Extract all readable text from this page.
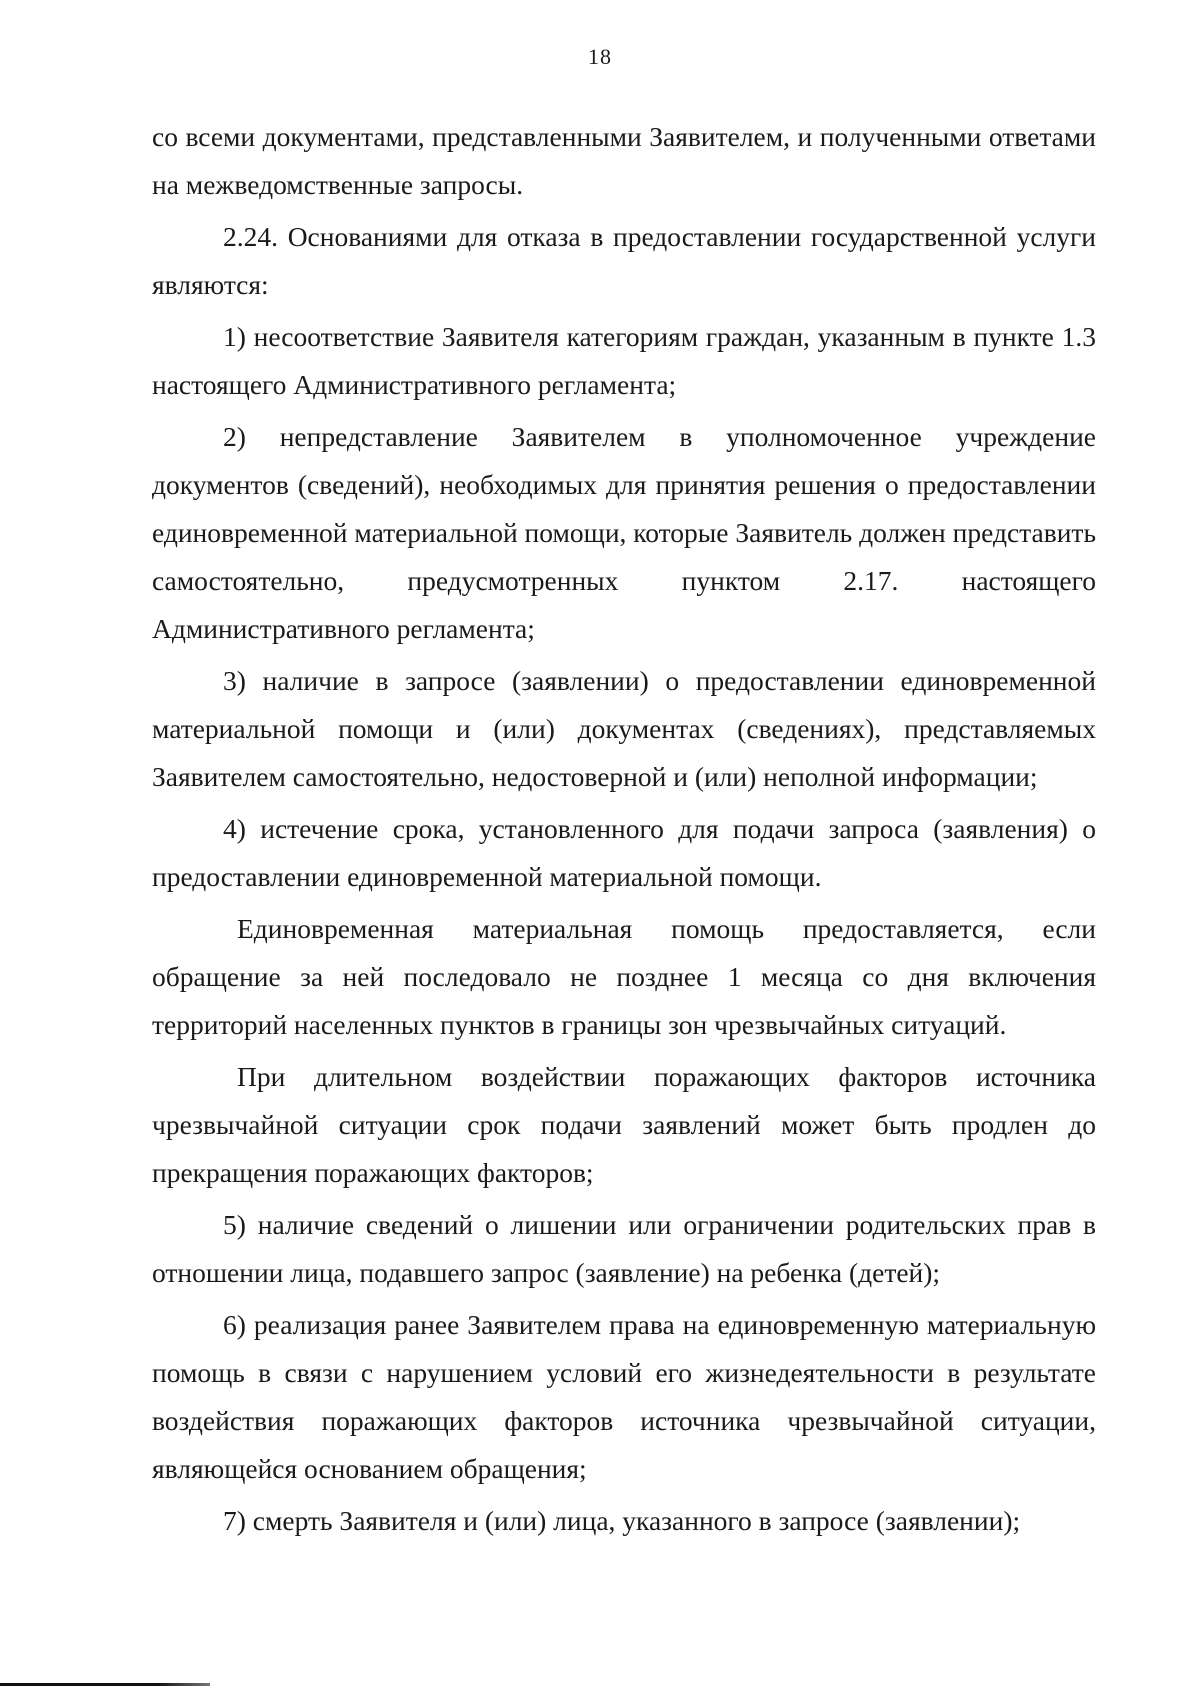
18

со всеми документами, представленными Заявителем, и полученными ответами на межведомственные запросы.

2.24. Основаниями для отказа в предоставлении государственной услуги являются:

1) несоответствие Заявителя категориям граждан, указанным в пункте 1.3 настоящего Административного регламента;

2) непредставление Заявителем в уполномоченное учреждение документов (сведений), необходимых для принятия решения о предоставлении единовременной материальной помощи, которые Заявитель должен представить самостоятельно, предусмотренных пунктом 2.17. настоящего Административного регламента;

3) наличие в запросе (заявлении) о предоставлении единовременной материальной помощи и (или) документах (сведениях), представляемых Заявителем самостоятельно, недостоверной и (или) неполной информации;

4) истечение срока, установленного для подачи запроса (заявления) о предоставлении единовременной материальной помощи.

Единовременная материальная помощь предоставляется, если обращение за ней последовало не позднее 1 месяца со дня включения территорий населенных пунктов в границы зон чрезвычайных ситуаций.

При длительном воздействии поражающих факторов источника чрезвычайной ситуации срок подачи заявлений может быть продлен до прекращения поражающих факторов;

5) наличие сведений о лишении или ограничении родительских прав в отношении лица, подавшего запрос (заявление) на ребенка (детей);

6) реализация ранее Заявителем права на единовременную материальную помощь в связи с нарушением условий его жизнедеятельности в результате воздействия поражающих факторов источника чрезвычайной ситуации, являющейся основанием обращения;

7) смерть Заявителя и (или) лица, указанного в запросе (заявлении);
